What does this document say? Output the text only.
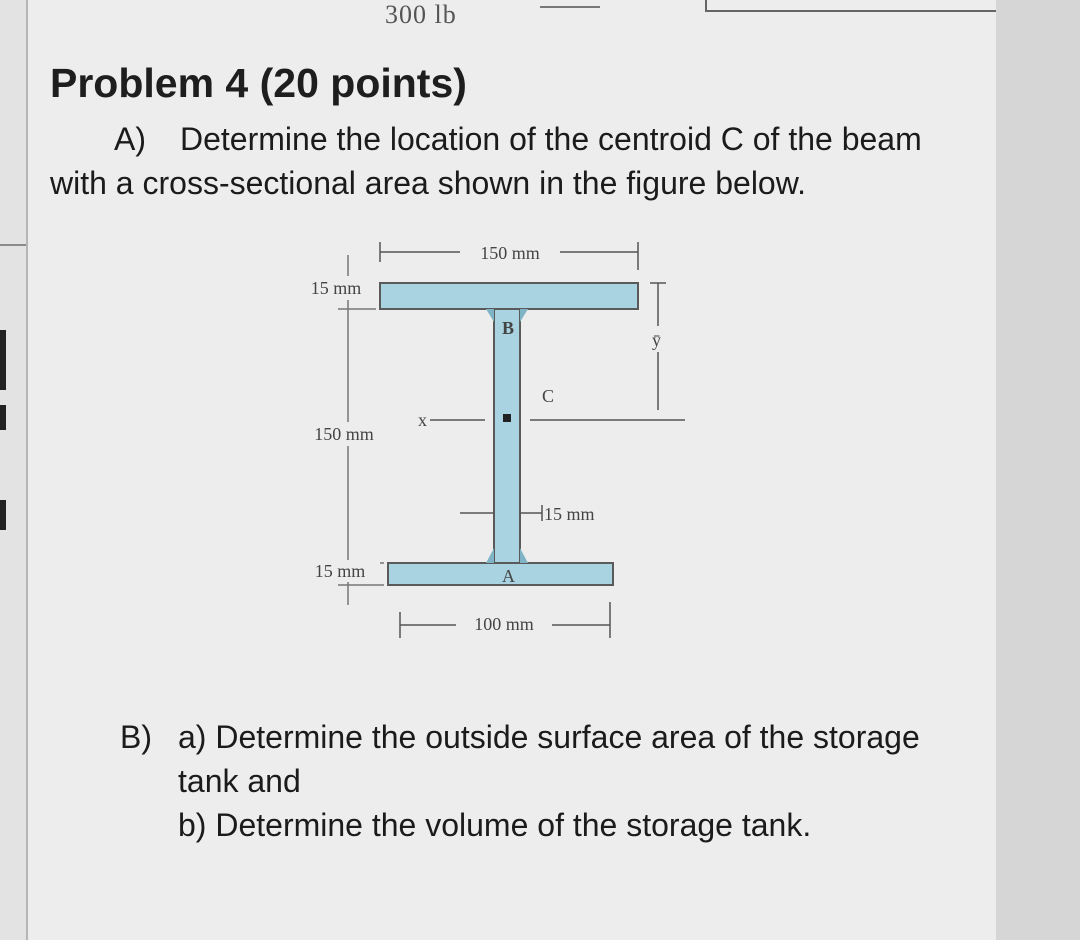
300 lb
Problem 4 (20 points)
A) Determine the location of the centroid C of the beam
with a cross-sectional area shown in the figure below.
150 mm
15 mm
150 mm
15 mm
100 mm
x
C
B
A
ȳ
15 mm
B) a) Determine the outside surface area of the storage
tank and
b) Determine the volume of the storage tank.
